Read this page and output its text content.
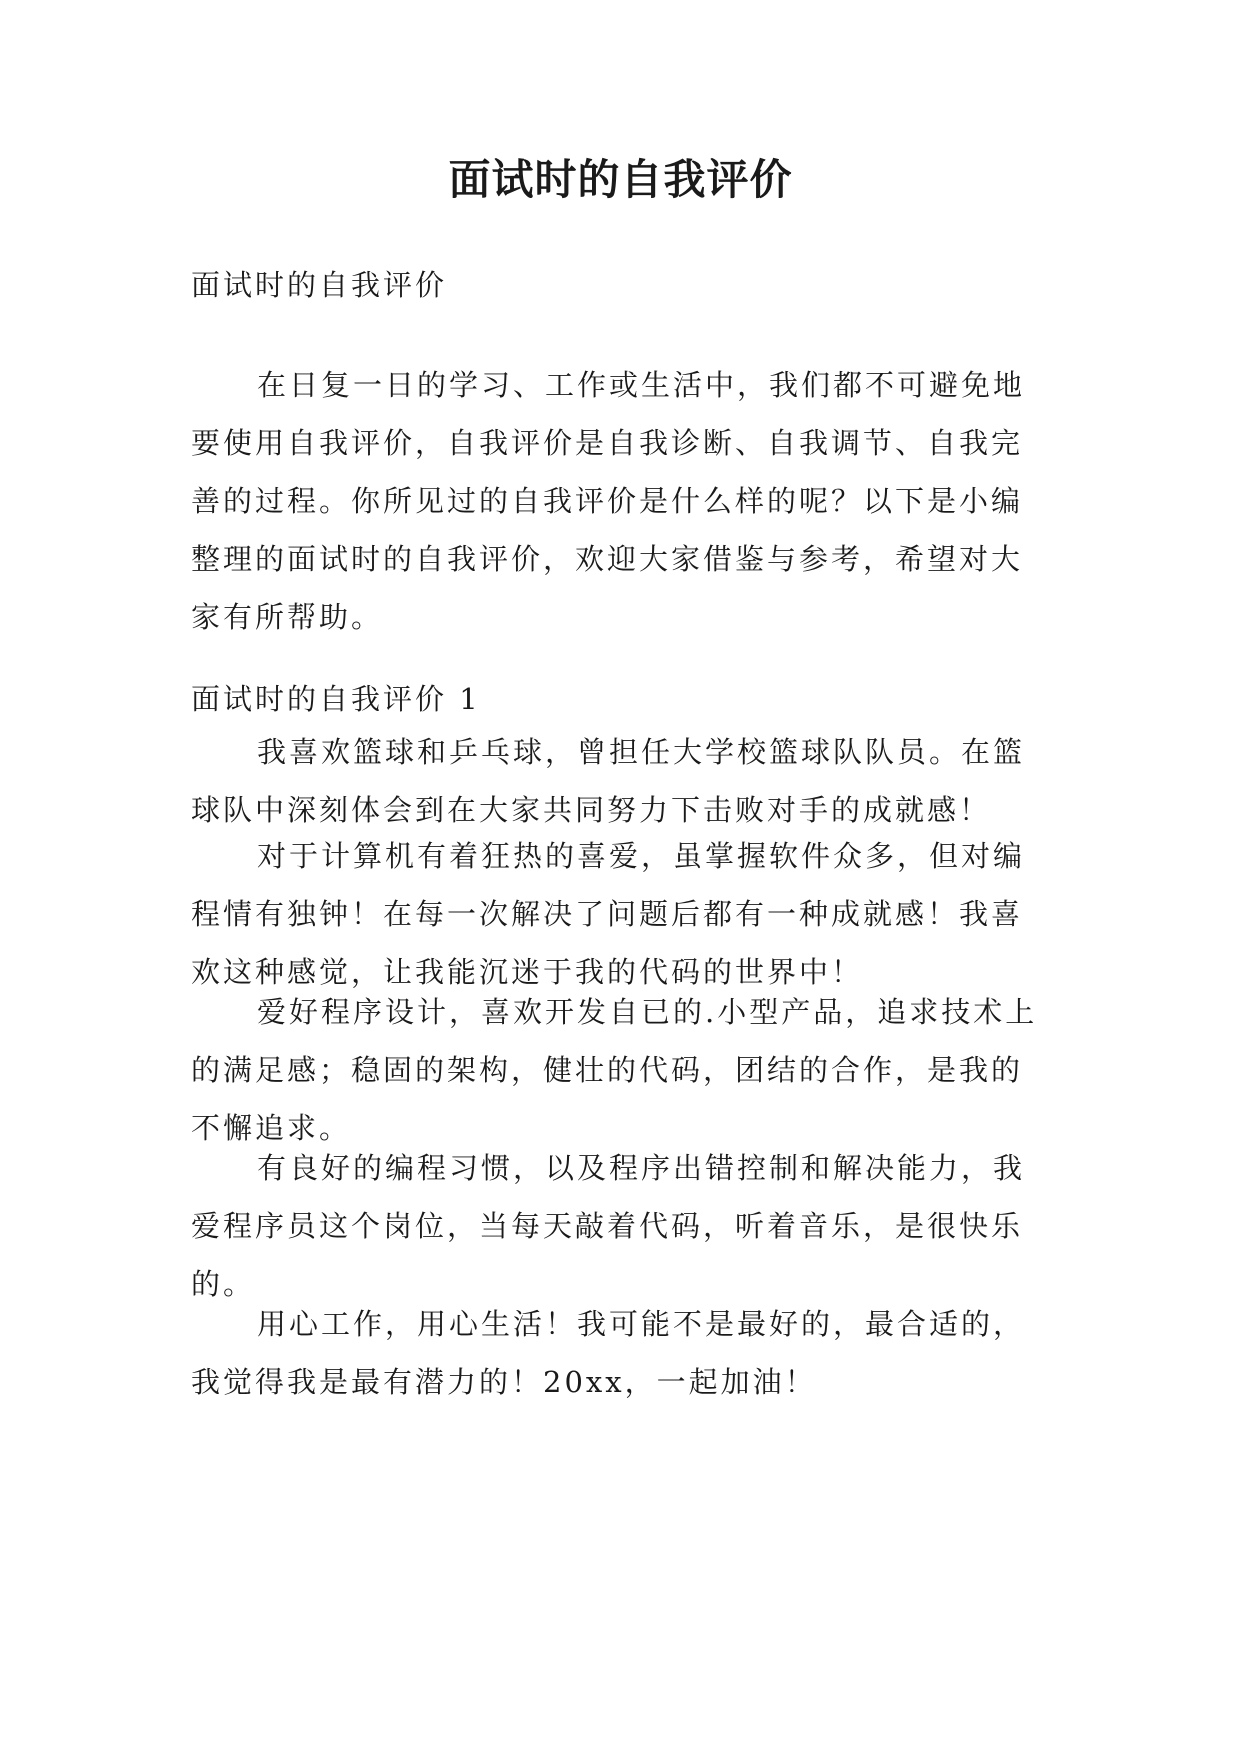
面试时的自我评价

面试时的自我评价

在日复一日的学习、工作或生活中，我们都不可避免地要使用自我评价，自我评价是自我诊断、自我调节、自我完善的过程。你所见过的自我评价是什么样的呢？以下是小编整理的面试时的自我评价，欢迎大家借鉴与参考，希望对大家有所帮助。

面试时的自我评价 1

我喜欢篮球和乒乓球，曾担任大学校篮球队队员。在篮球队中深刻体会到在大家共同努力下击败对手的成就感！

对于计算机有着狂热的喜爱，虽掌握软件众多，但对编程情有独钟！在每一次解决了问题后都有一种成就感！我喜欢这种感觉，让我能沉迷于我的代码的世界中！

爱好程序设计，喜欢开发自已的.小型产品，追求技术上的满足感；稳固的架构，健壮的代码，团结的合作，是我的不懈追求。

有良好的编程习惯，以及程序出错控制和解决能力，我爱程序员这个岗位，当每天敲着代码，听着音乐，是很快乐的。

用心工作，用心生活！我可能不是最好的，最合适的，我觉得我是最有潜力的！20xx，一起加油！
